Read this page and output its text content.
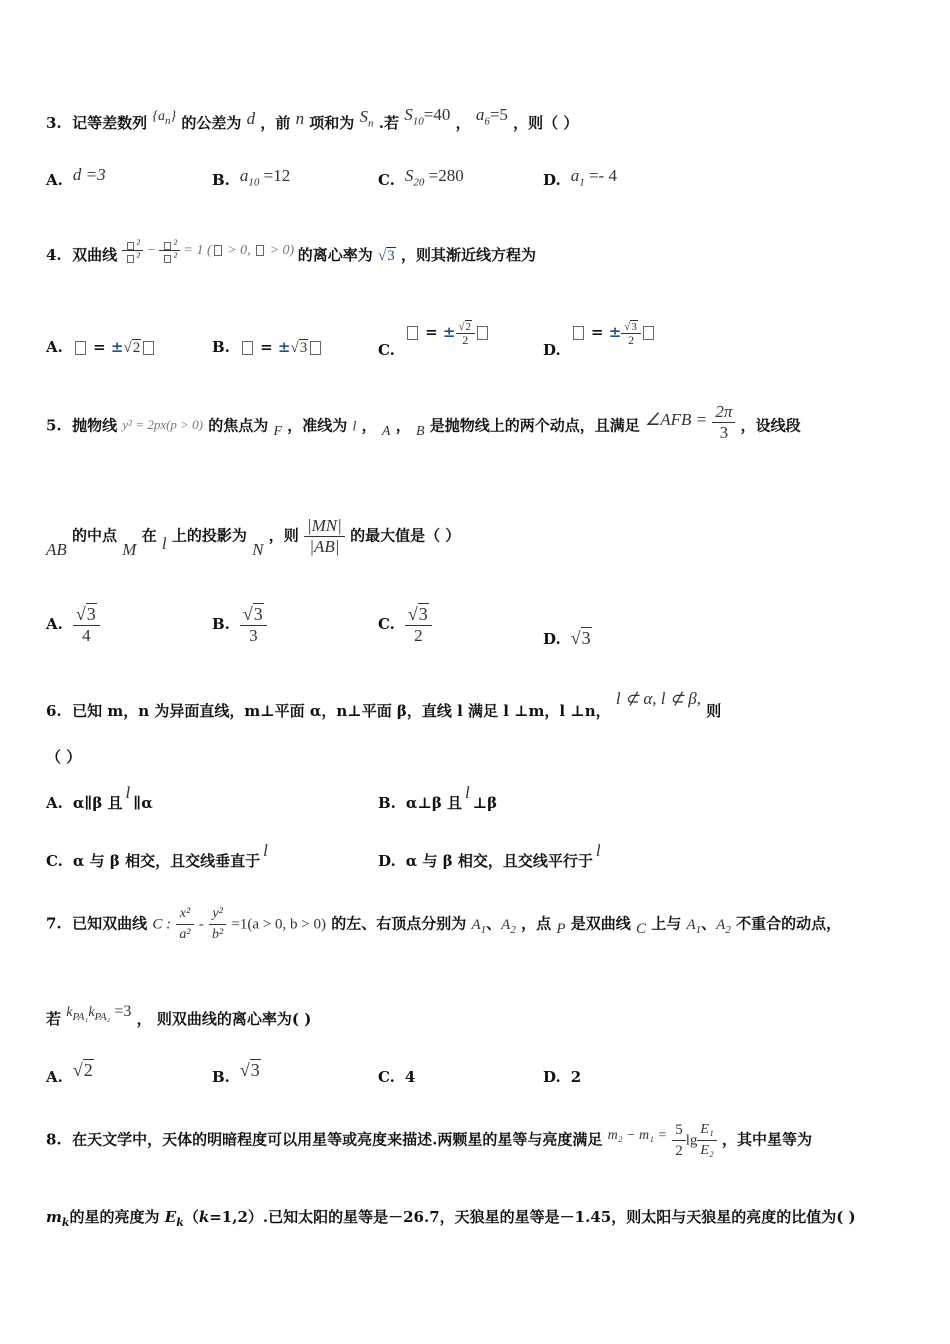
3. 记等差数列 $\{a_n\}$ 的公差为 d ，前 n 项和为 $S_n$ .若 $S_{10}=40$ ， $a_6=5$ ，则（ ）
A. d =3	B. $a_{10} =12$	C. $S_{20} =280$	D. $a_1 =- 4$
4. 双曲线 $\frac{\text{²}}{\text{²}} - \frac{\text{²}}{\text{²}} = 1$ ( > 0,  > 0) 的离心率为 √3 ，则其渐近线方程为
A. = ±√2	B. = ±√3	C. = ± $\frac{√2}{2}$
D. = ± $\frac{√3}{2}$
5. 抛物线 y² = 2px(p > 0) 的焦点为 F ，准线为 l ， A ， B 是抛物线上的两个动点，且满足 ∠AFB = $\frac{2\pi}{3}$ ，设线段
AB 的中点 M 在 l 上的投影为 N ，则 $\frac{|MN|}{|AB|}$ 的最大值是（ ）
A. $\frac{√3}{4}$	B. $\frac{√3}{3}$	C. $\frac{√3}{2}$	D. √3
6. 已知 m，n 为异面直线，m⊥平面 α，n⊥平面 β，直线 l 满足 l ⊥m，l ⊥n， l ⊄ α, l ⊄ β, 则
（ ）
A. α∥β 且l∥α	B. α⊥β 且l⊥β
C. α 与 β 相交，且交线垂直于l
D. α 与 β 相交，且交线平行于l
7. 已知双曲线 C : $\frac{\text{x²}}{\text{a²}} - \frac{\text{y²}}{\text{b²}} =1(a > 0$, b > 0) 的左、右顶点分别为 $A_1$、$A_2$ ，点 P 是双曲线 C 上与 $A_1$、$A_2$ 不重合的动点，
若 $k_{PA_1}k_{PA_2} =3$ ， 则双曲线的离心率为( )
A. √2	B. √3	C. 4	D. 2
8. 在天文学中，天体的明暗程度可以用星等或亮度来描述.两颗星的星等与亮度满足 $m_2 - m_1 = \frac{5}{2}$ $\lg \frac{\text{E₁}}{\text{E₂}}$ ，其中星等为
$m_k$的星的亮度为 $E_k(k=1,2)$.已知太阳的星等是－26.7，天狼星的星等是－1.45，则太阳与天狼星的亮度的比值为( )
